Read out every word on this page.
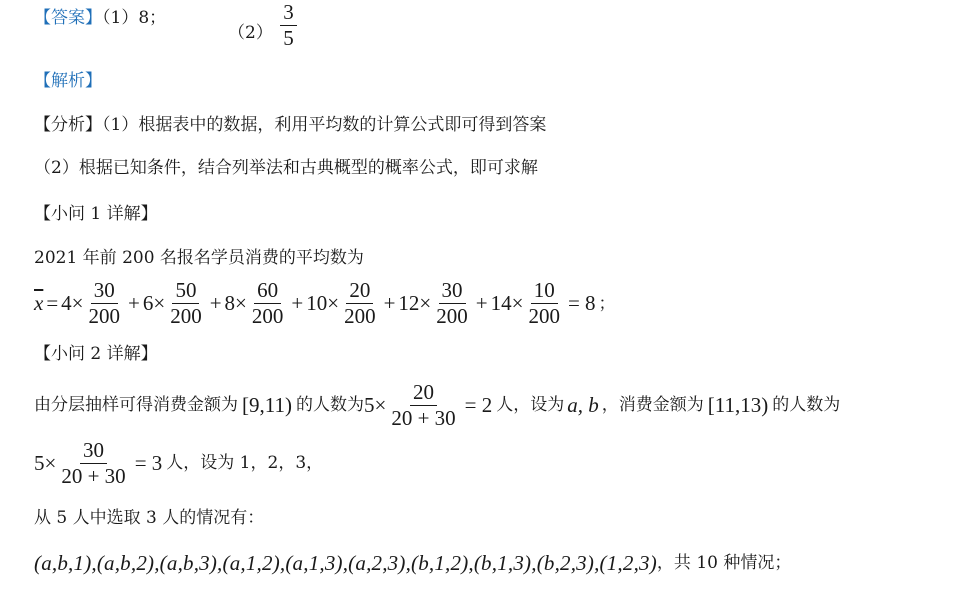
【答案】（1）8；
$(2) \frac{3}{5}$
【解析】
【分析】（1）根据表中的数据，利用平均数的计算公式即可得到答案
（2）根据已知条件，结合列举法和古典概型的概率公式，即可求解
【小问 1 详解】
2021 年前 200 名报名学员消费的平均数为
$\overline{x} = 4 \times \frac{30}{200} + 6 \times \frac{50}{200} + 8 \times \frac{60}{200} + 10 \times \frac{20}{200} + 12 \times \frac{30}{200} + 14 \times \frac{10}{200} = 8$ ；
【小问 2 详解】
由分层抽样可得消费金额为 [9,11) 的人数为 $5\times \frac{20}{20 + 30} = 2$ 人，设为 a, b ，消费金额为 [11,13) 的人数为
$5\times \frac{30}{20 + 30} = 3$ 人，设为 1，2，3，
从 5 人中选取 3 人的情况有：
(a,b,1),(a,b,2),(a,b,3),(a,1,2),(a,1,3),(a,2,3),(b,1,2),(b,1,3),(b,2,3),(1,2,3) ，共 10 种情况；
